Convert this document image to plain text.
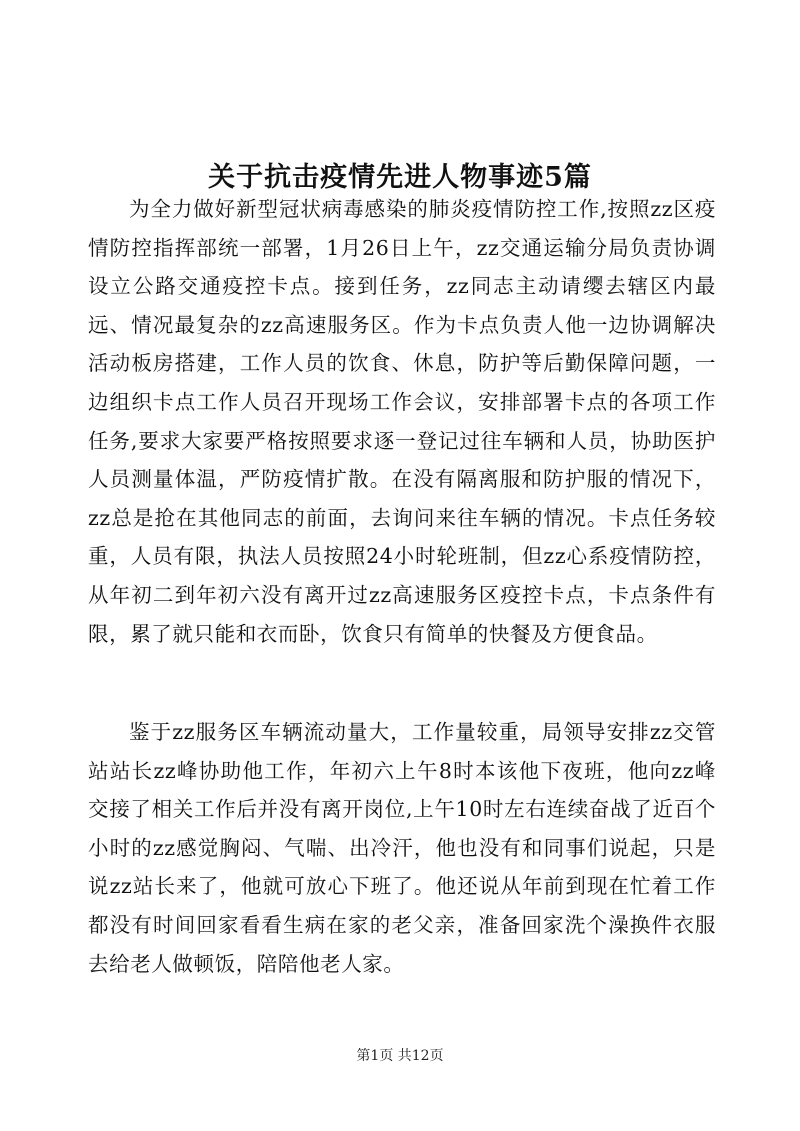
关于抗击疫情先进人物事迹5篇

为全力做好新型冠状病毒感染的肺炎疫情防控工作,按照zz区疫情防控指挥部统一部署，1月26日上午，zz交通运输分局负责协调设立公路交通疫控卡点。接到任务，zz同志主动请缨去辖区内最远、情况最复杂的zz高速服务区。作为卡点负责人他一边协调解决活动板房搭建，工作人员的饮食、休息，防护等后勤保障问题，一边组织卡点工作人员召开现场工作会议，安排部署卡点的各项工作任务,要求大家要严格按照要求逐一登记过往车辆和人员，协助医护人员测量体温，严防疫情扩散。在没有隔离服和防护服的情况下，zz总是抢在其他同志的前面，去询问来往车辆的情况。卡点任务较重，人员有限，执法人员按照24小时轮班制，但zz心系疫情防控，从年初二到年初六没有离开过zz高速服务区疫控卡点，卡点条件有限，累了就只能和衣而卧，饮食只有简单的快餐及方便食品。

鉴于zz服务区车辆流动量大，工作量较重，局领导安排zz交管站站长zz峰协助他工作，年初六上午8时本该他下夜班，他向zz峰交接了相关工作后并没有离开岗位,上午10时左右连续奋战了近百个小时的zz感觉胸闷、气喘、出冷汗，他也没有和同事们说起，只是说zz站长来了，他就可放心下班了。他还说从年前到现在忙着工作都没有时间回家看看生病在家的老父亲，准备回家洗个澡换件衣服去给老人做顿饭，陪陪他老人家。

第1页 共12页
